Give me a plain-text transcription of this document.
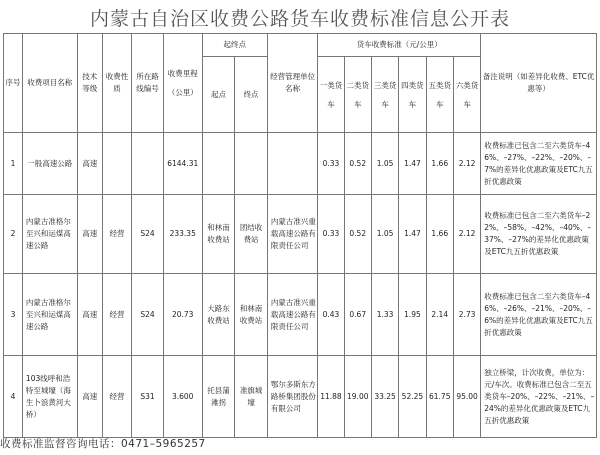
内蒙古自治区收费公路货车收费标准信息公开表
序号	收费项目名称	技术等级	收费性质	所在路线编号	收费里程（公里）	起终点		经营管理单位名称	货车收费标准（元/公里）						备注说明（如差异化收费、ETC优惠等）
						起点	终点		一类货车	二类货车	三类货车	四类货车	五类货车	六类货车	
1	一般高速公路	高速			6144.31				0.33	0.52	1.05	1.47	1.66	2.12	收费标准已包含二至六类货车–46%、–27%、–22%、–20%、–7%的差异化优惠政策及ETC九五折优惠政策
2	内蒙古准格尔至兴和运煤高速公路	高速	经营	S24	233.35	和林南收费站	团结收费站	内蒙古准兴重载高速公路有限责任公司	0.33	0.52	1.05	1.47	1.66	2.12	收费标准已包含二至六类货车–22%、–58%、–42%、–40%、–37%、–27%的差异化优惠政策及ETC九五折优惠政策
3	内蒙古准格尔至兴和运煤高速公路	高速	经营	S24	20.73	大路东收费站	和林南收费站	内蒙古准兴重载高速公路有限责任公司	0.43	0.67	1.33	1.95	2.14	2.73	收费标准已包含二至六类货车–46%、–26%、–21%、–20%、–6%的差异化优惠政策及ETC九五折优惠政策
4	103线呼和浩特至城壕（海生卜浪黄河大桥）	高速	经营	S31	3.600	托县蒲滩拐	准旗城壕	鄂尔多斯东方路桥集团股份有限公司	11.88	19.00	33.25	52.25	61.75	95.00	独立桥梁，计次收费，单位为：元/车次。收费标准已包含二至五类货车–20%、–22%、–21%、–24%的差异化优惠政策及ETC九五折优惠政策
收费标准监督咨询电话：0471–5965257
